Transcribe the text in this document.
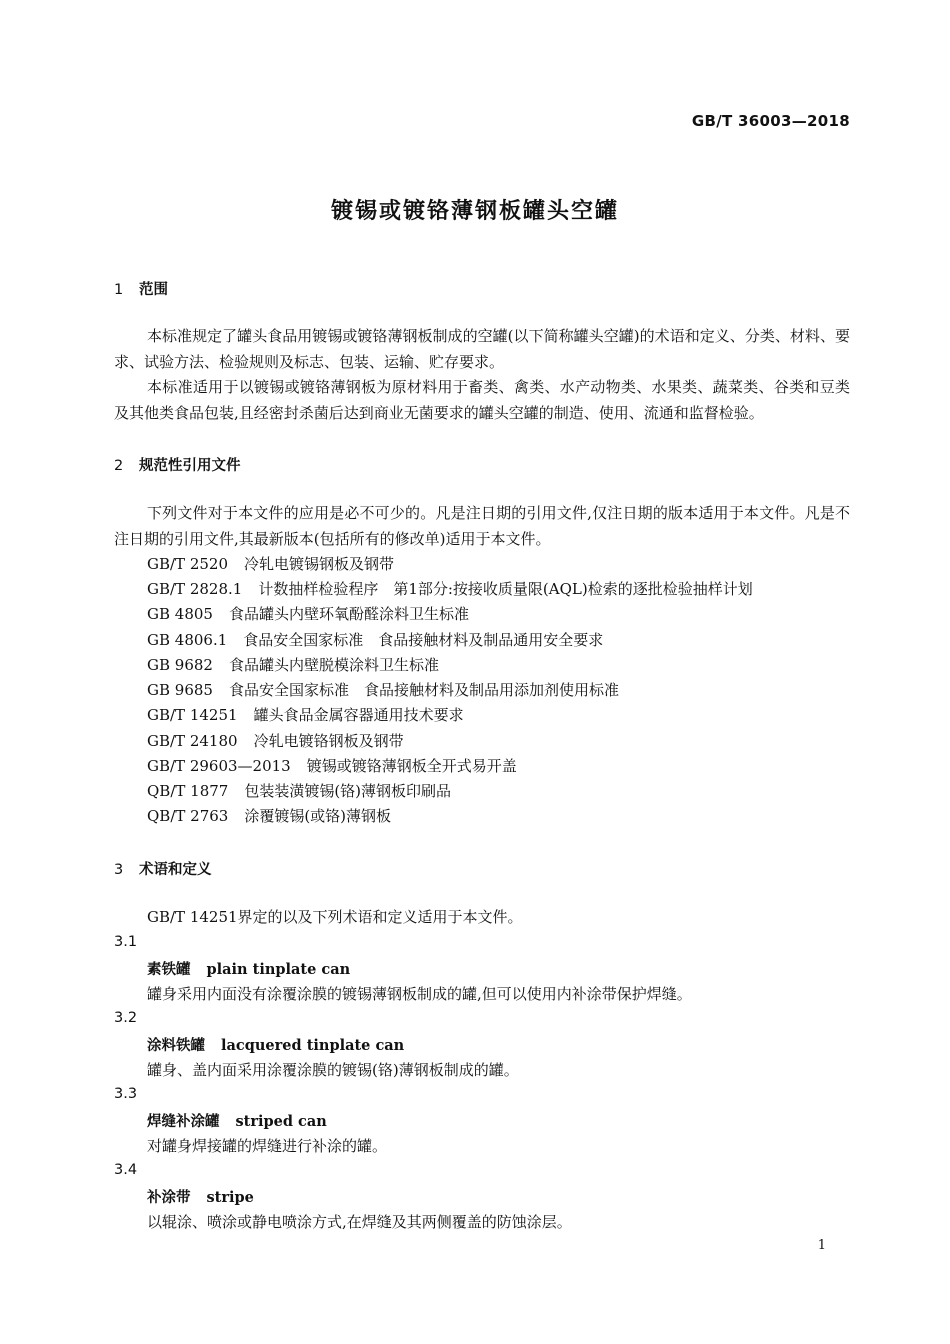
GB/T 36003—2018
镀锡或镀铬薄钢板罐头空罐
1 范围
本标准规定了罐头食品用镀锡或镀铬薄钢板制成的空罐(以下简称罐头空罐)的术语和定义、分类、材料、要求、试验方法、检验规则及标志、包装、运输、贮存要求。
本标准适用于以镀锡或镀铬薄钢板为原材料用于畜类、禽类、水产动物类、水果类、蔬菜类、谷类和豆类及其他类食品包装,且经密封杀菌后达到商业无菌要求的罐头空罐的制造、使用、流通和监督检验。
2 规范性引用文件
下列文件对于本文件的应用是必不可少的。凡是注日期的引用文件,仅注日期的版本适用于本文件。凡是不注日期的引用文件,其最新版本(包括所有的修改单)适用于本文件。
GB/T 2520 冷轧电镀锡钢板及钢带
GB/T 2828.1 计数抽样检验程序　第1部分:按接收质量限(AQL)检索的逐批检验抽样计划
GB 4805 食品罐头内壁环氧酚醛涂料卫生标准
GB 4806.1 食品安全国家标准　食品接触材料及制品通用安全要求
GB 9682 食品罐头内壁脱模涂料卫生标准
GB 9685 食品安全国家标准　食品接触材料及制品用添加剂使用标准
GB/T 14251 罐头食品金属容器通用技术要求
GB/T 24180 冷轧电镀铬钢板及钢带
GB/T 29603—2013 镀锡或镀铬薄钢板全开式易开盖
QB/T 1877 包装装潢镀锡(铬)薄钢板印刷品
QB/T 2763 涂覆镀锡(或铬)薄钢板
3 术语和定义
GB/T 14251界定的以及下列术语和定义适用于本文件。
3.1
素铁罐 plain tinplate can
罐身采用内面没有涂覆涂膜的镀锡薄钢板制成的罐,但可以使用内补涂带保护焊缝。
3.2
涂料铁罐 lacquered tinplate can
罐身、盖内面采用涂覆涂膜的镀锡(铬)薄钢板制成的罐。
3.3
焊缝补涂罐 striped can
对罐身焊接罐的焊缝进行补涂的罐。
3.4
补涂带 stripe
以辊涂、喷涂或静电喷涂方式,在焊缝及其两侧覆盖的防蚀涂层。
1
